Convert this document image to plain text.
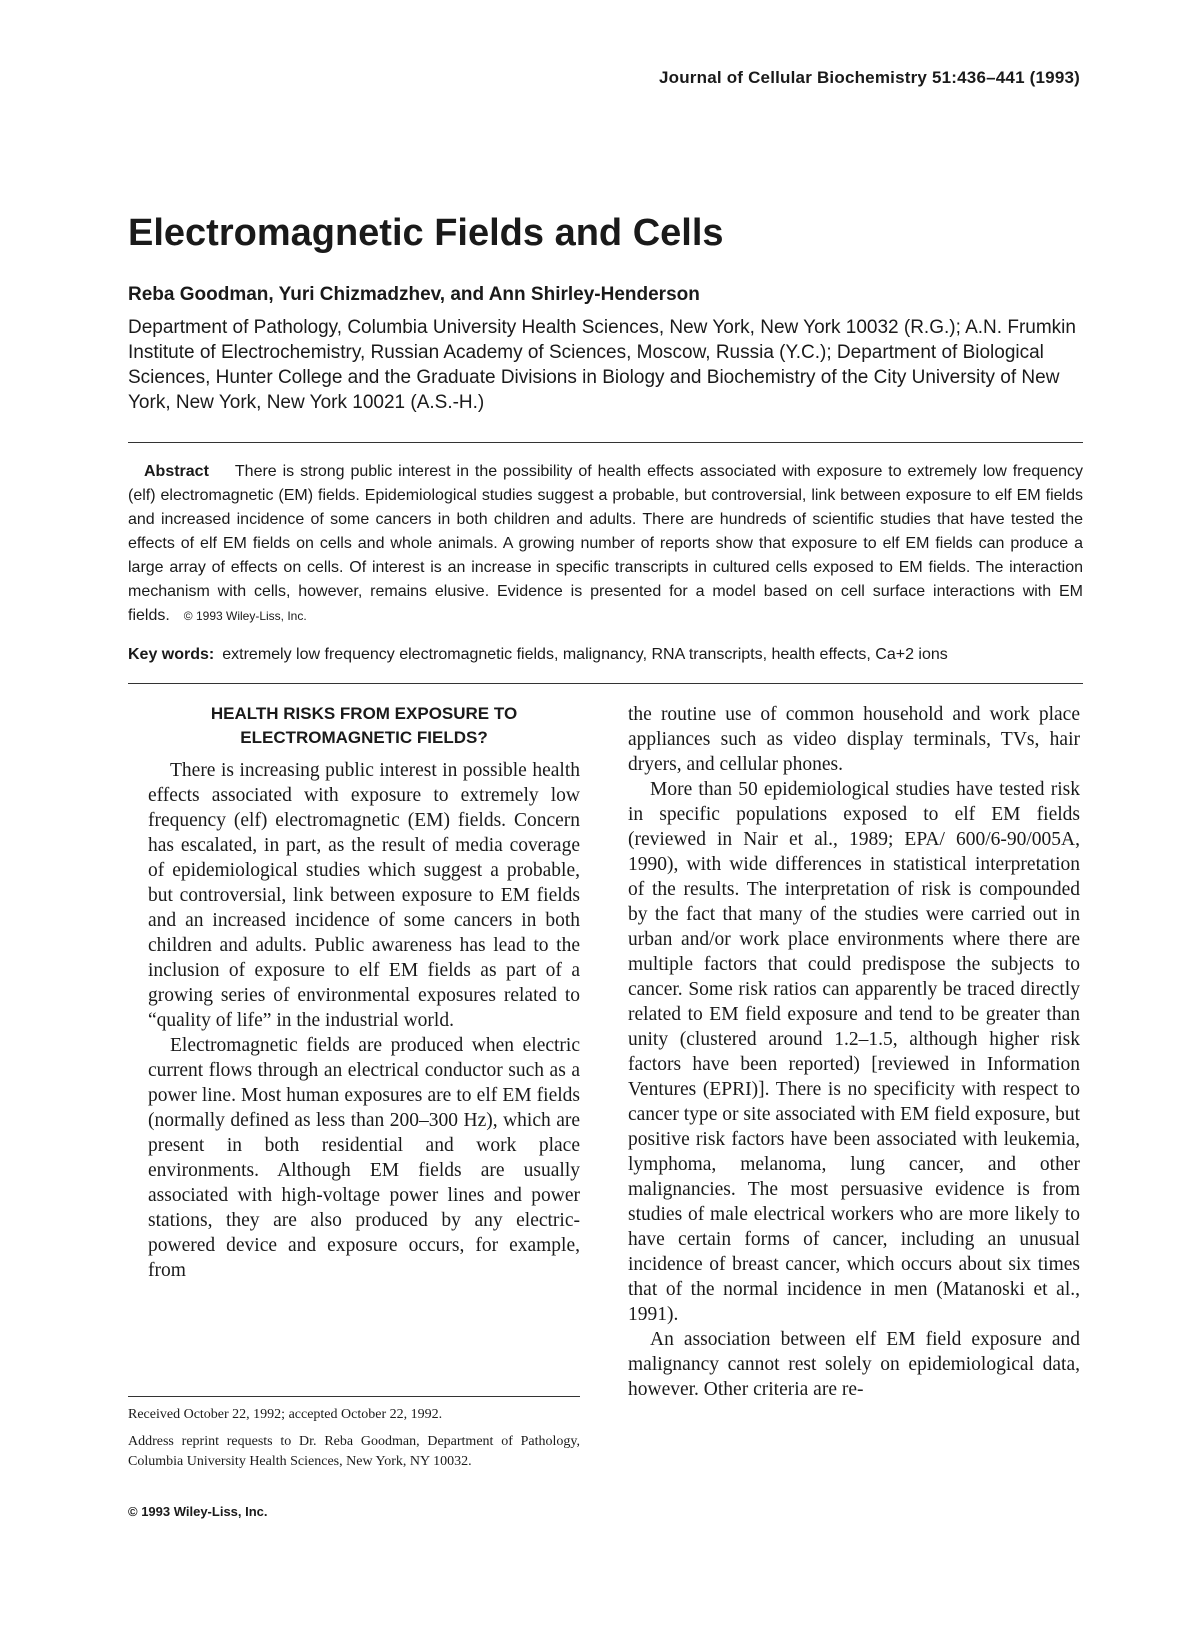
Journal of Cellular Biochemistry 51:436–441 (1993)
Electromagnetic Fields and Cells
Reba Goodman, Yuri Chizmadzhev, and Ann Shirley-Henderson
Department of Pathology, Columbia University Health Sciences, New York, New York 10032 (R.G.); A.N. Frumkin Institute of Electrochemistry, Russian Academy of Sciences, Moscow, Russia (Y.C.); Department of Biological Sciences, Hunter College and the Graduate Divisions in Biology and Biochemistry of the City University of New York, New York, New York 10021 (A.S.-H.)
Abstract There is strong public interest in the possibility of health effects associated with exposure to extremely low frequency (elf) electromagnetic (EM) fields. Epidemiological studies suggest a probable, but controversial, link between exposure to elf EM fields and increased incidence of some cancers in both children and adults. There are hundreds of scientific studies that have tested the effects of elf EM fields on cells and whole animals. A growing number of reports show that exposure to elf EM fields can produce a large array of effects on cells. Of interest is an increase in specific transcripts in cultured cells exposed to EM fields. The interaction mechanism with cells, however, remains elusive. Evidence is presented for a model based on cell surface interactions with EM fields. © 1993 Wiley-Liss, Inc.
Key words: extremely low frequency electromagnetic fields, malignancy, RNA transcripts, health effects, Ca+2 ions
HEALTH RISKS FROM EXPOSURE TO
ELECTROMAGNETIC FIELDS?

There is increasing public interest in possible health effects associated with exposure to extremely low frequency (elf) electromagnetic (EM) fields. Concern has escalated, in part, as the result of media coverage of epidemiological studies which suggest a probable, but controversial, link between exposure to EM fields and an increased incidence of some cancers in both children and adults. Public awareness has lead to the inclusion of exposure to elf EM fields as part of a growing series of environmental exposures related to “quality of life” in the industrial world.

Electromagnetic fields are produced when electric current flows through an electrical conductor such as a power line. Most human exposures are to elf EM fields (normally defined as less than 200–300 Hz), which are present in both residential and work place environments. Although EM fields are usually associated with high-voltage power lines and power stations, they are also produced by any electric-powered device and exposure occurs, for example, from

the routine use of common household and work place appliances such as video display terminals, TVs, hair dryers, and cellular phones.

More than 50 epidemiological studies have tested risk in specific populations exposed to elf EM fields (reviewed in Nair et al., 1989; EPA/ 600/6-90/005A, 1990), with wide differences in statistical interpretation of the results. The interpretation of risk is compounded by the fact that many of the studies were carried out in urban and/or work place environments where there are multiple factors that could predispose the subjects to cancer. Some risk ratios can apparently be traced directly related to EM field exposure and tend to be greater than unity (clustered around 1.2–1.5, although higher risk factors have been reported) [reviewed in Information Ventures (EPRI)]. There is no specificity with respect to cancer type or site associated with EM field exposure, but positive risk factors have been associated with leukemia, lymphoma, melanoma, lung cancer, and other malignancies. The most persuasive evidence is from studies of male electrical workers who are more likely to have certain forms of cancer, including an unusual incidence of breast cancer, which occurs about six times that of the normal incidence in men (Matanoski et al., 1991).

An association between elf EM field exposure and malignancy cannot rest solely on epidemiological data, however. Other criteria are re-

Received October 22, 1992; accepted October 22, 1992.

Address reprint requests to Dr. Reba Goodman, Department of Pathology, Columbia University Health Sciences, New York, NY 10032.

© 1993 Wiley-Liss, Inc.
